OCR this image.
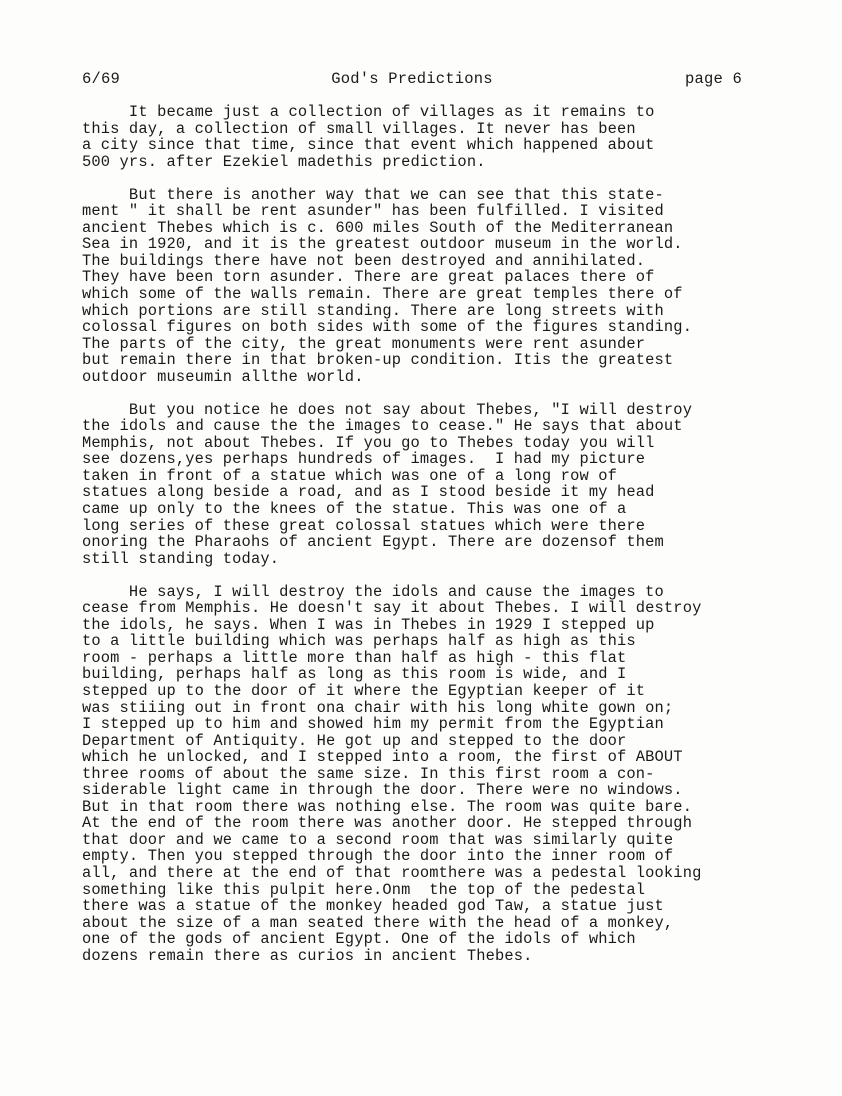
6/69	God's Predictions	page 6
It became just a collection of villages as it remains to
this day, a collection of small villages. It never has been
a city since that time, since that event which happened about
500 yrs. after Ezekiel madethis prediction.
But there is another way that we can see that this state-
ment " it shall be rent asunder" has been fulfilled. I visited
ancient Thebes which is c. 600 miles South of the Mediterranean
Sea in 1920, and it is the greatest outdoor museum in the world.
The buildings there have not been destroyed and annihilated.
They have been torn asunder. There are great palaces there of
which some of the walls remain. There are great temples there of
which portions are still standing. There are long streets with
colossal figures on both sides with some of the figures standing.
The parts of the city, the great monuments were rent asunder
but remain there in that broken-up condition. Itis the greatest
outdoor museumin allthe world.
But you notice he does not say about Thebes, "I will destroy
the idols and cause the the images to cease." He says that about
Memphis, not about Thebes. If you go to Thebes today you will
see dozens,yes perhaps hundreds of images.  I had my picture
taken in front of a statue which was one of a long row of
statues along beside a road, and as I stood beside it my head
came up only to the knees of the statue. This was one of a
long series of these great colossal statues which were there
onoring the Pharaohs of ancient Egypt. There are dozensof them
still standing today.
He says, I will destroy the idols and cause the images to
cease from Memphis. He doesn't say it about Thebes. I will destroy
the idols, he says. When I was in Thebes in 1929 I stepped up
to a little building which was perhaps half as high as this
room - perhaps a little more than half as high - this flat
building, perhaps half as long as this room is wide, and I
stepped up to the door of it where the Egyptian keeper of it
was stiiing out in front ona chair with his long white gown on;
I stepped up to him and showed him my permit from the Egyptian
Department of Antiquity. He got up and stepped to the door
which he unlocked, and I stepped into a room, the first of ABOUT
three rooms of about the same size. In this first room a con-
siderable light came in through the door. There were no windows.
But in that room there was nothing else. The room was quite bare.
At the end of the room there was another door. He stepped through
that door and we came to a second room that was similarly quite
empty. Then you stepped through the door into the inner room of
all, and there at the end of that roomthere was a pedestal looking
something like this pulpit here.Onm  the top of the pedestal
there was a statue of the monkey headed god Taw, a statue just
about the size of a man seated there with the head of a monkey,
one of the gods of ancient Egypt. One of the idols of which
dozens remain there as curios in ancient Thebes.
